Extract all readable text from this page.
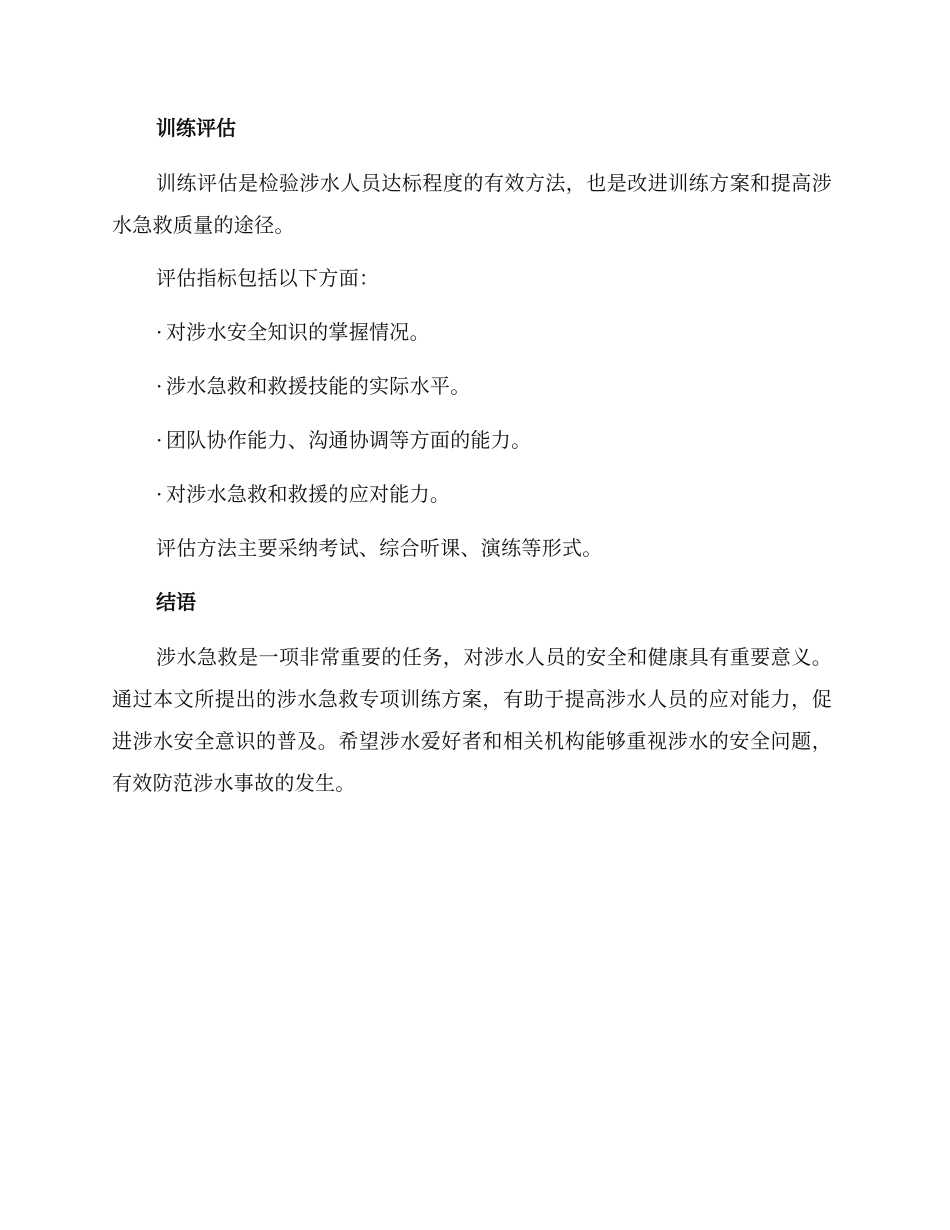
训练评估

训练评估是检验涉水人员达标程度的有效方法，也是改进训练方案和提高涉水急救质量的途径。

评估指标包括以下方面：

· 对涉水安全知识的掌握情况。
· 涉水急救和救援技能的实际水平。
· 团队协作能力、沟通协调等方面的能力。
· 对涉水急救和救援的应对能力。

评估方法主要采纳考试、综合听课、演练等形式。

结语

涉水急救是一项非常重要的任务，对涉水人员的安全和健康具有重要意义。通过本文所提出的涉水急救专项训练方案，有助于提高涉水人员的应对能力，促进涉水安全意识的普及。希望涉水爱好者和相关机构能够重视涉水的安全问题，有效防范涉水事故的发生。
